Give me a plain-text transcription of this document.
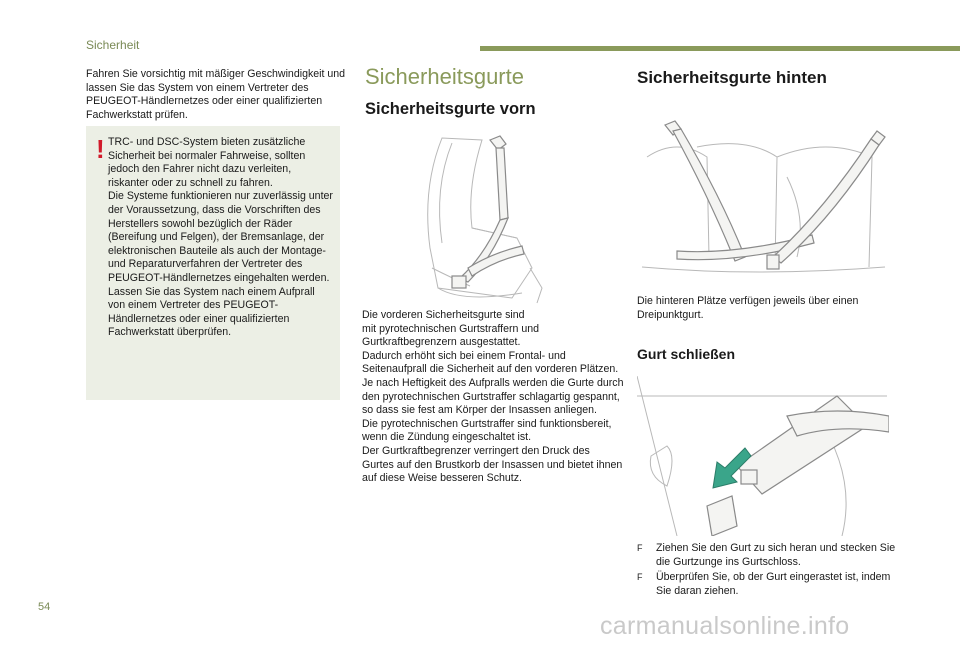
Sicherheit
Fahren Sie vorsichtig mit mäßiger Geschwindigkeit und lassen Sie das System von einem Vertreter des PEUGEOT-Händlernetzes oder einer qualifizierten Fachwerkstatt prüfen.
! TRC- und DSC-System bieten zusätzliche Sicherheit bei normaler Fahrweise, sollten jedoch den Fahrer nicht dazu verleiten, riskanter oder zu schnell zu fahren.
Die Systeme funktionieren nur zuverlässig unter der Voraussetzung, dass die Vorschriften des Herstellers sowohl bezüglich der Räder (Bereifung und Felgen), der Bremsanlage, der elektronischen Bauteile als auch der Montage- und Reparaturverfahren der Vertreter des PEUGEOT-Händlernetzes eingehalten werden.
Lassen Sie das System nach einem Aufprall von einem Vertreter des PEUGEOT-Händlernetzes oder einer qualifizierten Fachwerkstatt überprüfen.
Sicherheitsgurte
Sicherheitsgurte vorn
Die vorderen Sicherheitsgurte sind
mit pyrotechnischen Gurtstraffern und Gurtkraftbegrenzern ausgestattet.
Dadurch erhöht sich bei einem Frontal- und Seitenaufprall die Sicherheit auf den vorderen Plätzen. Je nach Heftigkeit des Aufpralls werden die Gurte durch den pyrotechnischen Gurtstraffer schlagartig gespannt, so dass sie fest am Körper der Insassen anliegen.
Die pyrotechnischen Gurtstraffer sind funktionsbereit, wenn die Zündung eingeschaltet ist.
Der Gurtkraftbegrenzer verringert den Druck des Gurtes auf den Brustkorb der Insassen und bietet ihnen auf diese Weise besseren Schutz.
Sicherheitsgurte hinten
Die hinteren Plätze verfügen jeweils über einen Dreipunktgurt.
Gurt schließen
F Ziehen Sie den Gurt zu sich heran und stecken Sie die Gurtzunge ins Gurtschloss.
F Überprüfen Sie, ob der Gurt eingerastet ist, indem Sie daran ziehen.
54
carmanualsonline.info
